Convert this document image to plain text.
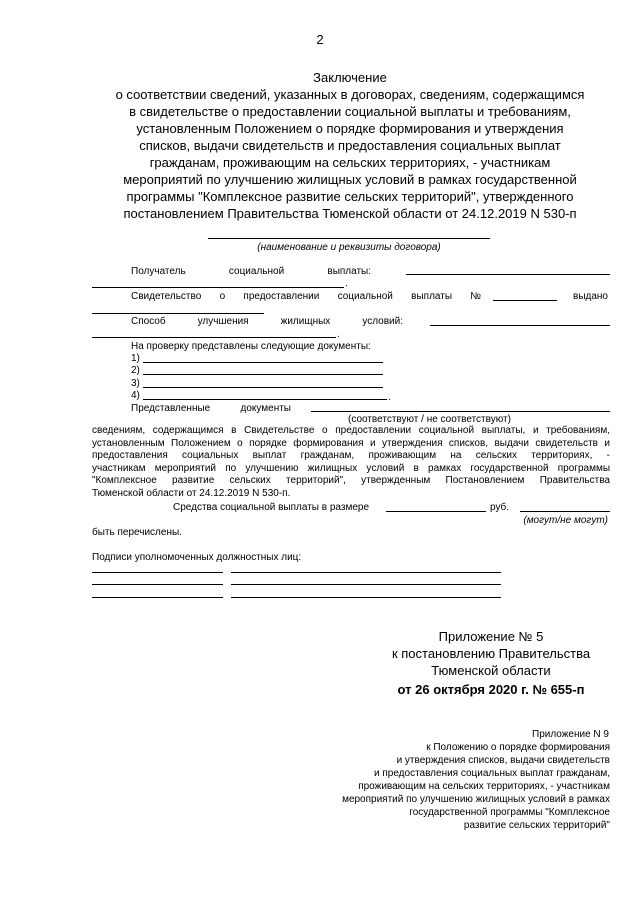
2
Заключение
о соответствии сведений, указанных в договорах, сведениям, содержащимся
в свидетельстве о предоставлении социальной выплаты и требованиям,
установленным Положением о порядке формирования и утверждения
списков, выдачи свидетельств и предоставления социальных выплат
гражданам, проживающим на сельских территориях, - участникам
мероприятий по улучшению жилищных условий в рамках государственной
программы "Комплексное развитие сельских территорий", утвержденного
постановлением Правительства Тюменской области от 24.12.2019 N 530-п
(наименование и реквизиты договора)
Получатель	социальной	выплаты:
.
Свидетельство о предоставлении социальной выплаты №	выдано
Способ	улучшения	жилищных	условий:
.
На проверку представлены следующие документы:
1)
2)
3)
4)	.
Представленные	документы
(соответствуют / не соответствуют)
сведениям, содержащимся в Свидетельстве о предоставлении социальной выплаты, и требованиям,
установленным Положением о порядке формирования и утверждения списков, выдачи свидетельств и
предоставления социальных выплат гражданам, проживающим на сельских территориях, -
участникам мероприятий по улучшению жилищных условий в рамках государственной программы
"Комплексное развитие сельских территорий", утвержденным Постановлением Правительства
Тюменской области от 24.12.2019 N 530-п.
Средства социальной выплаты в размере	руб.
(могут/не могут)
быть перечислены.
Подписи уполномоченных должностных лиц:
Приложение № 5
к постановлению Правительства
Тюменской области
от 26 октября 2020 г. № 655-п
Приложение N 9
к Положению о порядке формирования
и утверждения списков, выдачи свидетельств
и предоставления социальных выплат гражданам,
проживающим на сельских территориях, - участникам
мероприятий по улучшению жилищных условий в рамках
государственной программы "Комплексное
развитие сельских территорий"
